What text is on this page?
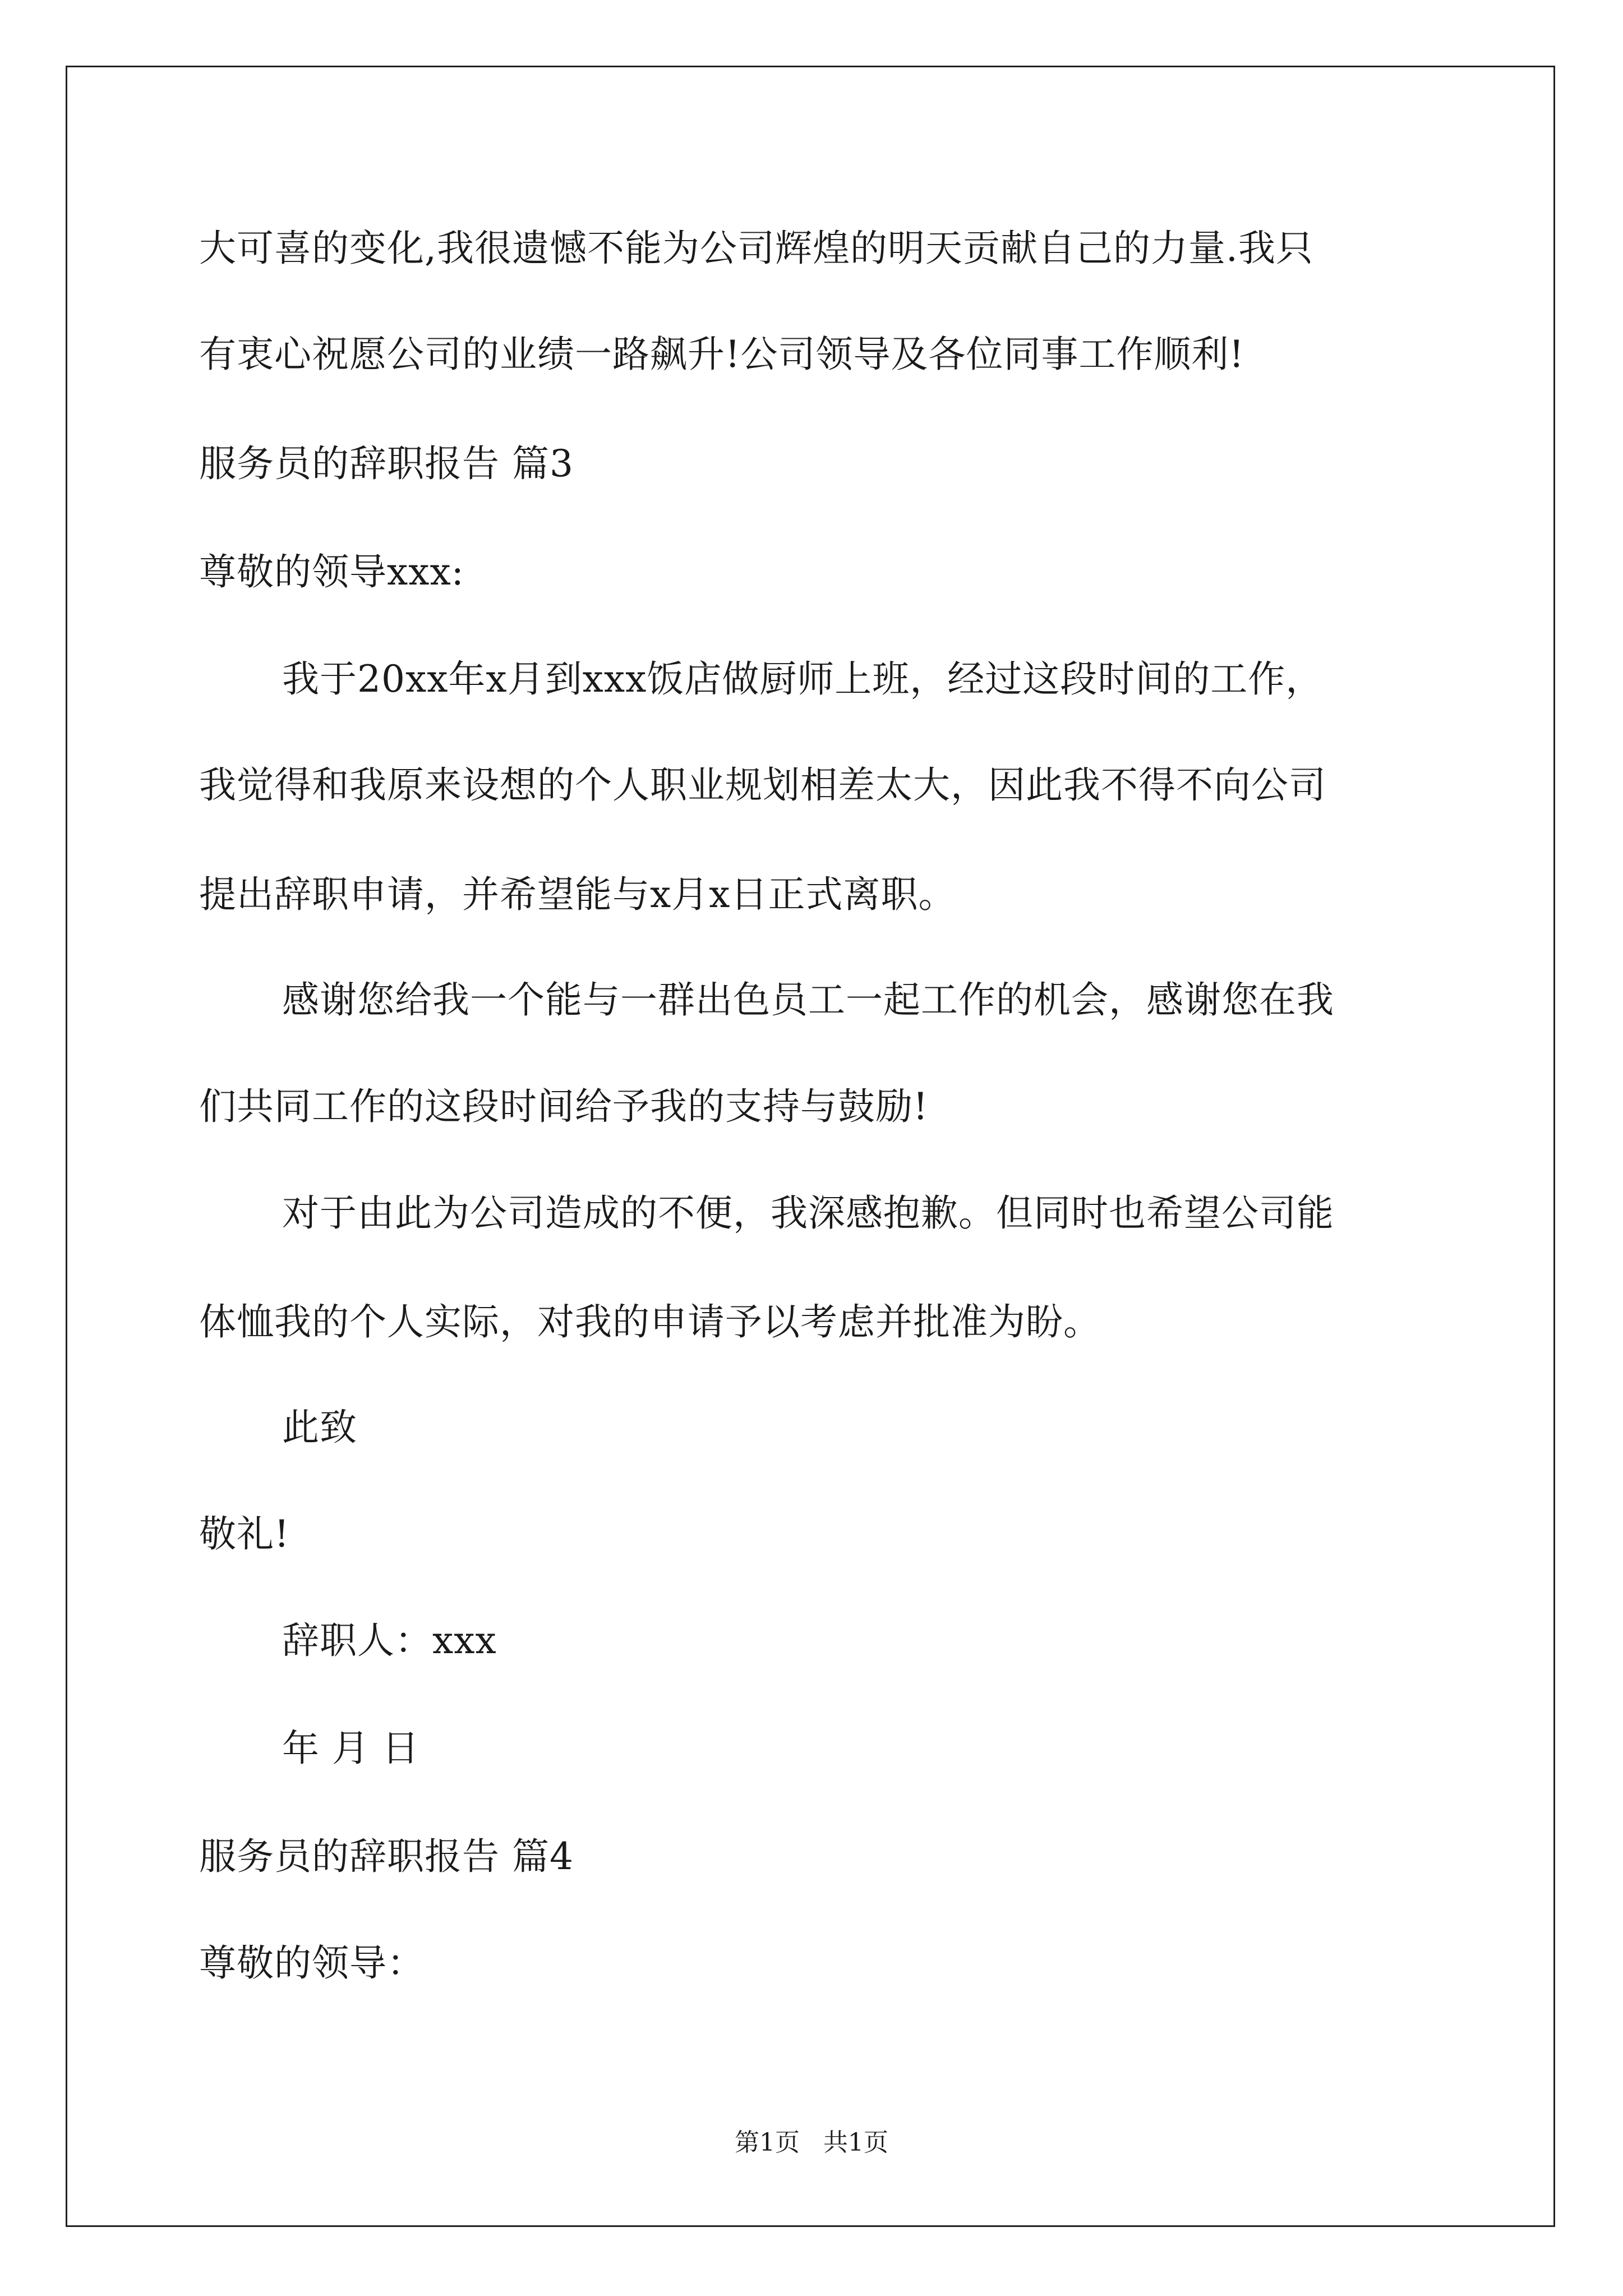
大可喜的变化,我很遗憾不能为公司辉煌的明天贡献自己的力量.我只
有衷心祝愿公司的业绩一路飙升!公司领导及各位同事工作顺利!
服务员的辞职报告 篇3
尊敬的领导xxx:
我于20xx年x月到xxx饭店做厨师上班，经过这段时间的工作，
我觉得和我原来设想的个人职业规划相差太大，因此我不得不向公司
提出辞职申请，并希望能与x月x日正式离职。
感谢您给我一个能与一群出色员工一起工作的机会，感谢您在我
们共同工作的这段时间给予我的支持与鼓励!
对于由此为公司造成的不便，我深感抱歉。但同时也希望公司能
体恤我的个人实际，对我的申请予以考虑并批准为盼。
此致
敬礼!
辞职人：xxx
年 月 日
服务员的辞职报告 篇4
尊敬的领导：
第1页 共1页
